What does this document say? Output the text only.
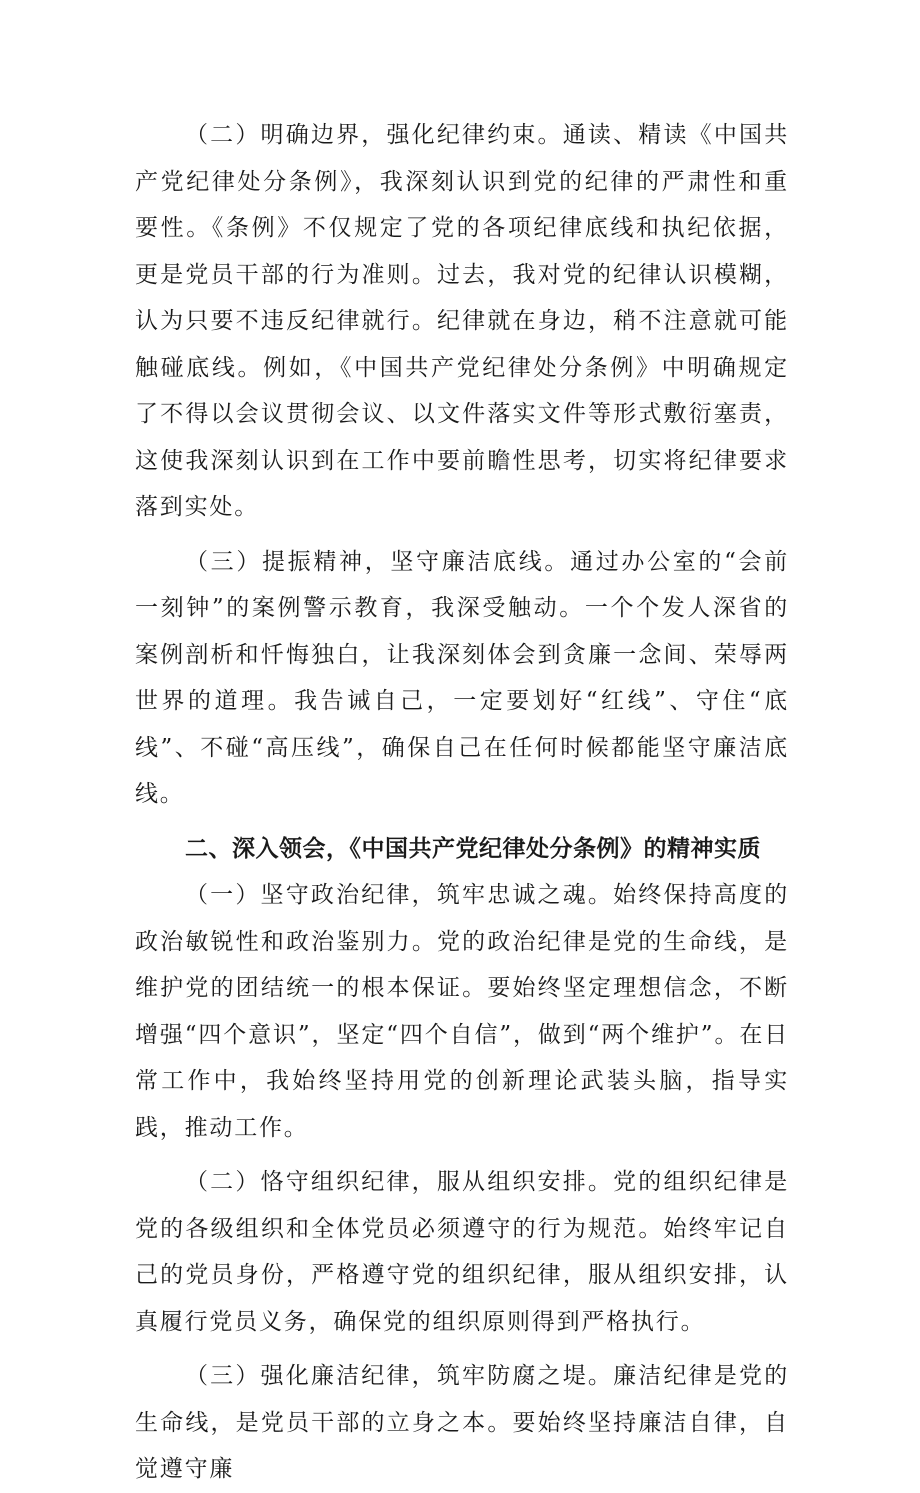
（二）明确边界，强化纪律约束。通读、精读《中国共产党纪律处分条例》，我深刻认识到党的纪律的严肃性和重要性。《条例》不仅规定了党的各项纪律底线和执纪依据，更是党员干部的行为准则。过去，我对党的纪律认识模糊，认为只要不违反纪律就行。纪律就在身边，稍不注意就可能触碰底线。例如，《中国共产党纪律处分条例》中明确规定了不得以会议贯彻会议、以文件落实文件等形式敷衍塞责，这使我深刻认识到在工作中要前瞻性思考，切实将纪律要求落到实处。

（三）提振精神，坚守廉洁底线。通过办公室的“会前一刻钟”的案例警示教育，我深受触动。一个个发人深省的案例剖析和忏悔独白，让我深刻体会到贪廉一念间、荣辱两世界的道理。我告诫自己，一定要划好“红线”、守住“底线”、不碰“高压线”，确保自己在任何时候都能坚守廉洁底线。

二、深入领会，《中国共产党纪律处分条例》的精神实质

（一）坚守政治纪律，筑牢忠诚之魂。始终保持高度的政治敏锐性和政治鉴别力。党的政治纪律是党的生命线，是维护党的团结统一的根本保证。要始终坚定理想信念，不断增强“四个意识”，坚定“四个自信”，做到“两个维护”。在日常工作中，我始终坚持用党的创新理论武装头脑，指导实践，推动工作。

（二）恪守组织纪律，服从组织安排。党的组织纪律是党的各级组织和全体党员必须遵守的行为规范。始终牢记自己的党员身份，严格遵守党的组织纪律，服从组织安排，认真履行党员义务，确保党的组织原则得到严格执行。

（三）强化廉洁纪律，筑牢防腐之堤。廉洁纪律是党的生命线，是党员干部的立身之本。要始终坚持廉洁自律，自觉遵守廉
